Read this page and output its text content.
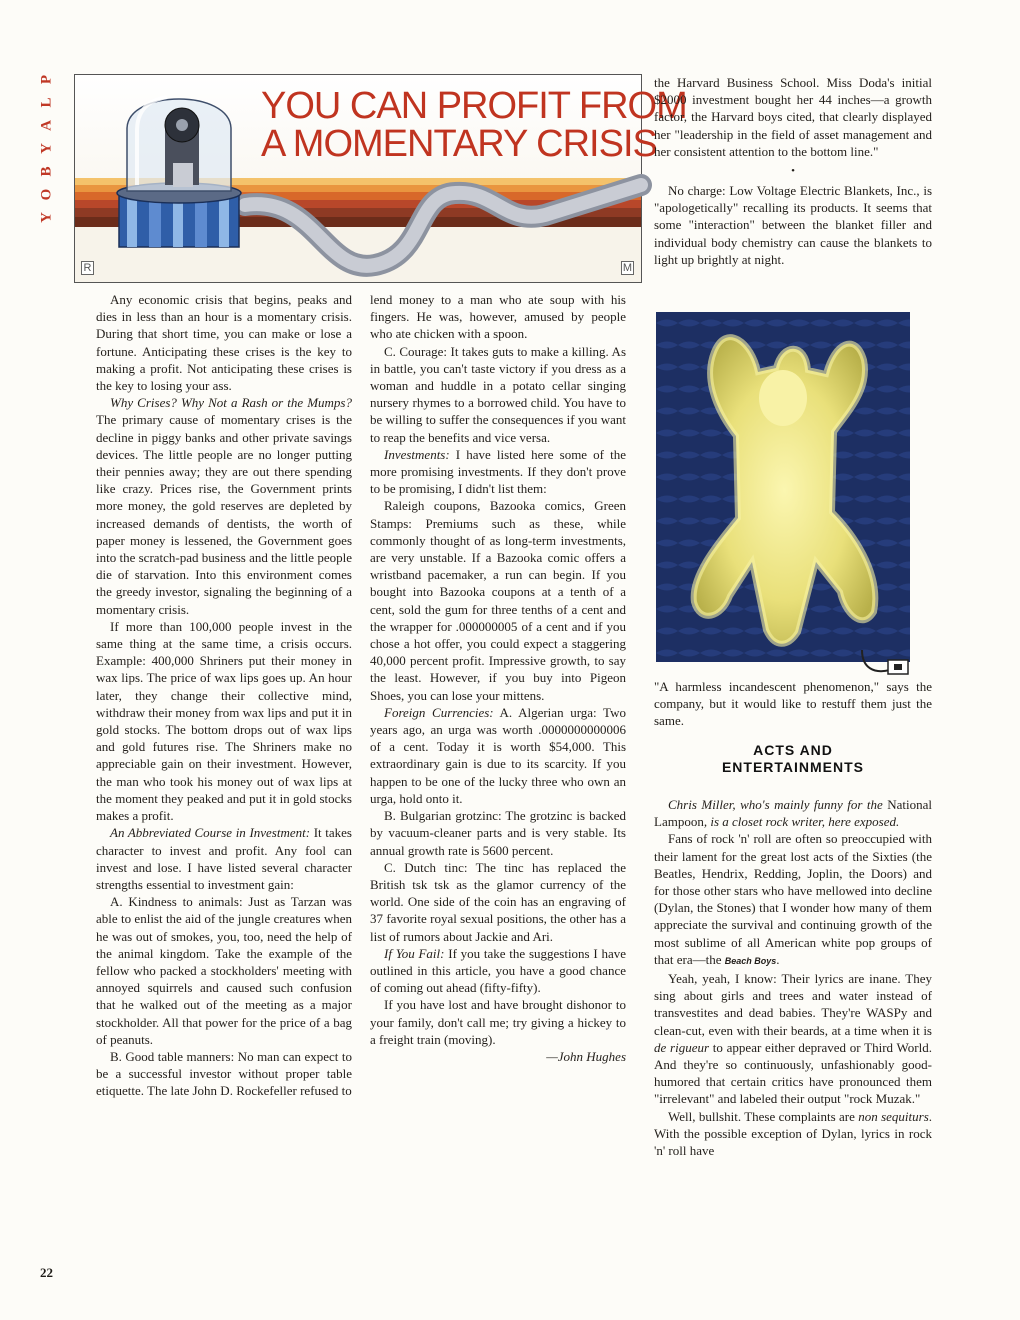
P
L
A
Y
B
O
Y
22
YOU CAN PROFIT FROM
A MOMENTARY CRISIS
R	M

Any economic crisis that begins, peaks and dies in less than an hour is a momentary crisis. During that short time, you can make or lose a fortune. Anticipating these crises is the key to making a profit. Not anticipating these crises is the key to losing your ass.

Why Crises? Why Not a Rash or the Mumps? The primary cause of momentary crises is the decline in piggy banks and other private savings devices. The little people are no longer putting their pennies away; they are out there spending like crazy. Prices rise, the Government prints more money, the gold reserves are depleted by increased demands of dentists, the worth of paper money is lessened, the Government goes into the scratch-pad business and the little people die of starvation. Into this environment comes the greedy investor, signaling the beginning of a momentary crisis.

If more than 100,000 people invest in the same thing at the same time, a crisis occurs. Example: 400,000 Shriners put their money in wax lips. The price of wax lips goes up. An hour later, they change their collective mind, withdraw their money from wax lips and put it in gold stocks. The bottom drops out of wax lips and gold futures rise. The Shriners make no appreciable gain on their investment. However, the man who took his money out of wax lips at the moment they peaked and put it in gold stocks makes a profit.

An Abbreviated Course in Investment: It takes character to invest and profit. Any fool can invest and lose. I have listed several character strengths essential to investment gain:

A. Kindness to animals: Just as Tarzan was able to enlist the aid of the jungle creatures when he was out of smokes, you, too, need the help of the animal kingdom. Take the example of the fellow who packed a stockholders' meeting with annoyed squirrels and caused such confusion that he walked out of the meeting as a major stockholder. All that power for the price of a bag of peanuts.

B. Good table manners: No man can expect to be a successful investor without proper table etiquette. The late John D. Rockefeller refused to

lend money to a man who ate soup with his fingers. He was, however, amused by people who ate chicken with a spoon.

C. Courage: It takes guts to make a killing. As in battle, you can't taste victory if you dress as a woman and huddle in a potato cellar singing nursery rhymes to a borrowed child. You have to be willing to suffer the consequences if you want to reap the benefits and vice versa.

Investments: I have listed here some of the more promising investments. If they don't prove to be promising, I didn't list them:

Raleigh coupons, Bazooka comics, Green Stamps: Premiums such as these, while commonly thought of as long-term investments, are very unstable. If a Bazooka comic offers a wristband pacemaker, a run can begin. If you bought into Bazooka coupons at a tenth of a cent, sold the gum for three tenths of a cent and the wrapper for .000000005 of a cent and if you chose a hot offer, you could expect a staggering 40,000 percent profit. Impressive growth, to say the least. However, if you buy into Pigeon Shoes, you can lose your mittens.

Foreign Currencies: A. Algerian urga: Two years ago, an urga was worth .0000000000006 of a cent. Today it is worth $54,000. This extraordinary gain is due to its scarcity. If you happen to be one of the lucky three who own an urga, hold onto it.

B. Bulgarian grotzinc: The grotzinc is backed by vacuum-cleaner parts and is very stable. Its annual growth rate is 5600 percent.

C. Dutch tinc: The tinc has replaced the British tsk tsk as the glamor currency of the world. One side of the coin has an engraving of 37 favorite royal sexual positions, the other has a list of rumors about Jackie and Ari.

If You Fail: If you take the suggestions I have outlined in this article, you have a good chance of coming out ahead (fifty-fifty).

If you have lost and have brought dishonor to your family, don't call me; try giving a hickey to a freight train (moving).

—John Hughes

the Harvard Business School. Miss Doda's initial $2000 investment bought her 44 inches—a growth factor, the Harvard boys cited, that clearly displayed her "leadership in the field of asset management and her consistent attention to the bottom line."

•

No charge: Low Voltage Electric Blankets, Inc., is "apologetically" recalling its products. It seems that some "interaction" between the blanket filler and individual body chemistry can cause the blankets to light up brightly at night.

"A harmless incandescent phenomenon," says the company, but it would like to restuff them just the same.

ACTS AND
ENTERTAINMENTS

Chris Miller, who's mainly funny for the National Lampoon, is a closet rock writer, here exposed.

Fans of rock 'n' roll are often so preoccupied with their lament for the great lost acts of the Sixties (the Beatles, Hendrix, Redding, Joplin, the Doors) and for those other stars who have mellowed into decline (Dylan, the Stones) that I wonder how many of them appreciate the survival and continuing growth of the most sublime of all American white pop groups of that era—the Beach Boys.

Yeah, yeah, I know: Their lyrics are inane. They sing about girls and trees and water instead of transvestites and dead babies. They're WASPy and clean-cut, even with their beards, at a time when it is de rigueur to appear either depraved or Third World. And they're so continuously, unfashionably good-humored that certain critics have pronounced them "irrelevant" and labeled their output "rock Muzak."

Well, bullshit. These complaints are non sequiturs. With the possible exception of Dylan, lyrics in rock 'n' roll have
